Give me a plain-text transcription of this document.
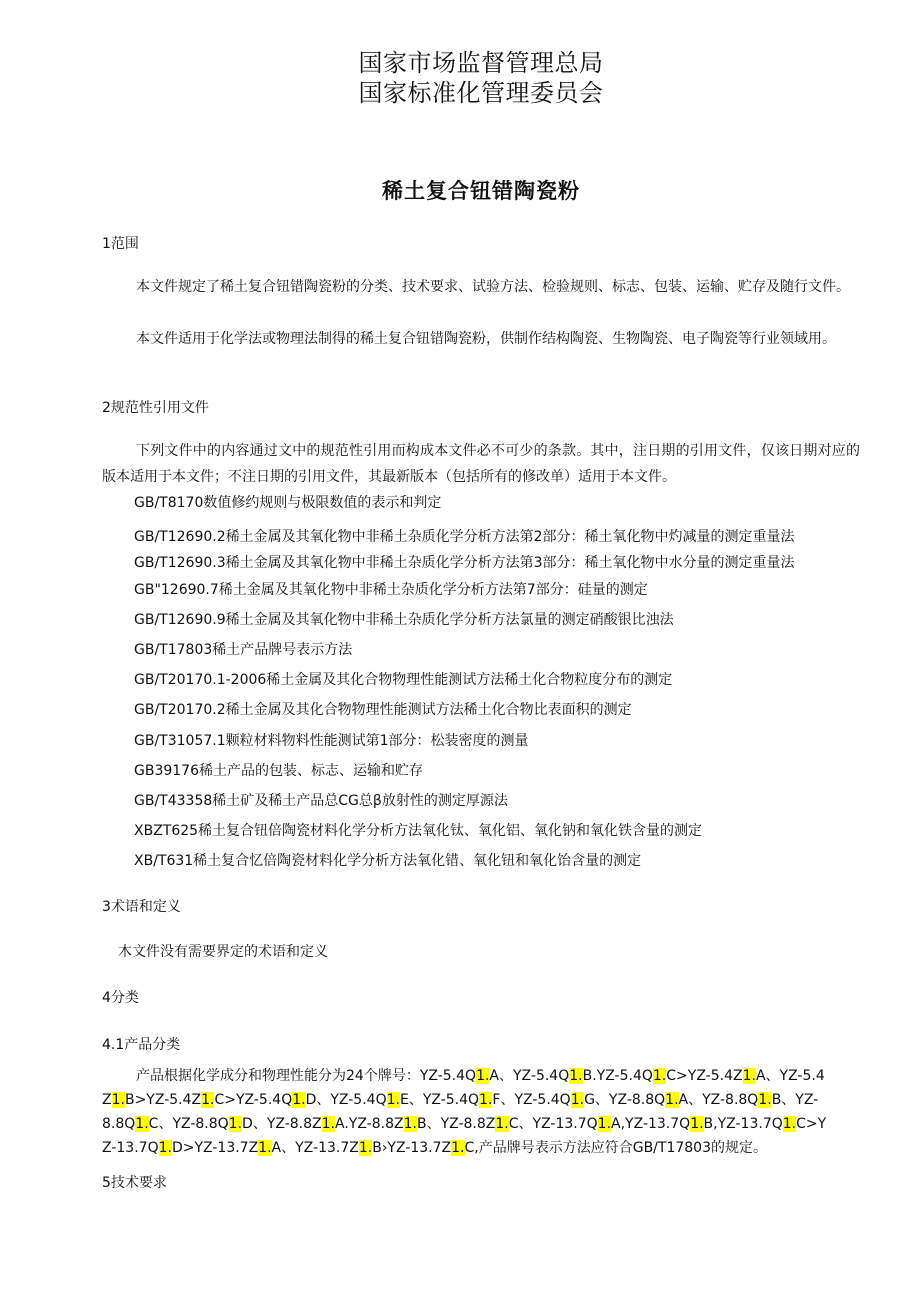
国家市场监督管理总局
国家标准化管理委员会
稀土复合钮错陶瓷粉
1范围

本文件规定了稀土复合钮错陶瓷粉的分类、技术要求、试验方法、检验规则、标志、包装、运输、贮存及随行文件。

本文件适用于化学法或物理法制得的稀土复合钮错陶瓷粉，供制作结构陶瓷、生物陶瓷、电子陶瓷等行业领域用。

2规范性引用文件

下列文件中的内容通过文中的规范性引用而构成本文件必不可少的条款。其中，注日期的引用文件，仅该日期对应的版本适用于本文件；不注日期的引用文件，其最新版本（包括所有的修改单）适用于本文件。

GB/T8170数值修约规则与极限数值的表示和判定
GB/T12690.2稀土金属及其氧化物中非稀土杂质化学分析方法第2部分：稀土氧化物中灼减量的测定重量法
GB/T12690.3稀土金属及其氧化物中非稀土杂质化学分析方法第3部分：稀土氧化物中水分量的测定重量法
GB"12690.7稀土金属及其氧化物中非稀土杂质化学分析方法第7部分：硅量的测定
GB/T12690.9稀土金属及其氧化物中非稀土杂质化学分析方法氯量的测定硝酸银比浊法
GB/T17803稀土产品牌号表示方法
GB/T20170.1-2006稀土金属及其化合物物理性能测试方法稀土化合物粒度分布的测定
GB/T20170.2稀土金属及其化合物物理性能测试方法稀土化合物比表面积的测定
GB/T31057.1颗粒材料物料性能测试第1部分：松装密度的测量
GB39176稀土产品的包装、标志、运输和贮存
GB/T43358稀土矿及稀土产品总CG总β放射性的测定厚源法
XBZT625稀土复合钮倍陶瓷材料化学分析方法氧化钛、氧化铝、氧化钠和氧化铁含量的测定
XB/T631稀土复合忆倍陶瓷材料化学分析方法氧化错、氧化钮和氧化饴含量的测定
3术语和定义
木文件没有需要界定的术语和定义
4分类
4.1产品分类

产品根据化学成分和物理性能分为24个牌号：YZ-5.4Q1.A、YZ-5.4Q1.B.YZ-5.4Q1.C>YZ-5.4Z1.A、YZ-5.4Z1.B>YZ-5.4Z1.C>YZ-5.4Q1.D、YZ-5.4Q1.E、YZ-5.4Q1.F、YZ-5.4Q1.G、YZ-8.8Q1.A、YZ-8.8Q1.B、YZ-8.8Q1.C、YZ-8.8Q1.D、YZ-8.8Z1.A.YZ-8.8Z1.B、YZ-8.8Z1.C、YZ-13.7Q1.A,YZ-13.7Q1.B,YZ-13.7Q1.C>YZ-13.7Q1.D>YZ-13.7Z1.A、YZ-13.7Z1.B›YZ-13.7Z1.C,产品牌号表示方法应符合GB/T17803的规定。

5技术要求
